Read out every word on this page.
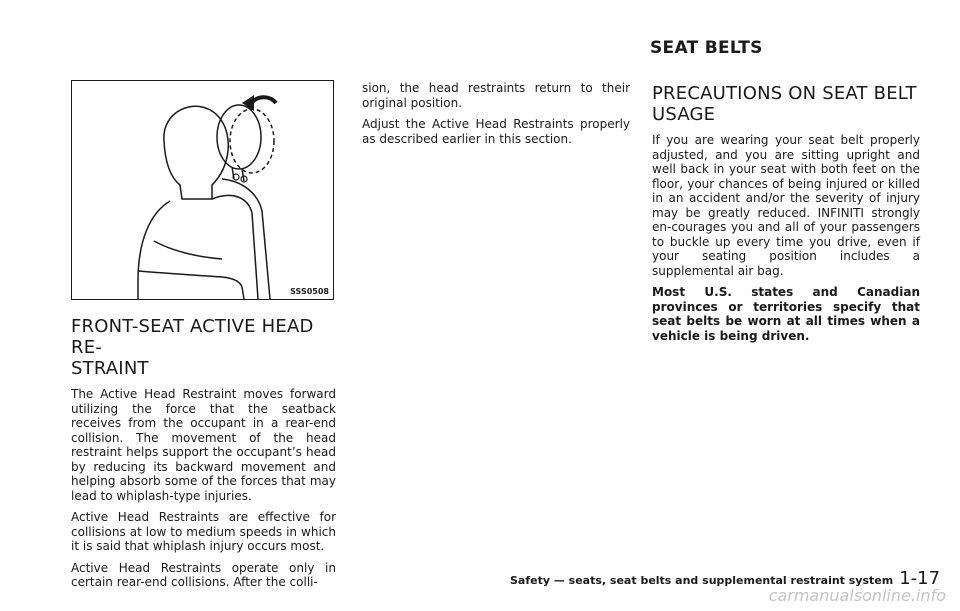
SEAT BELTS
SSS0508
FRONT-SEAT ACTIVE HEAD RE-
STRAINT

The Active Head Restraint moves forward utilizing the force that the seatback receives from the occupant in a rear-end collision. The movement of the head restraint helps support the occupant’s head by reducing its backward movement and helping absorb some of the forces that may lead to whiplash-type injuries.

Active Head Restraints are effective for collisions at low to medium speeds in which it is said that whiplash injury occurs most.

Active Head Restraints operate only in certain rear-end collisions. After the colli-

sion, the head restraints return to their original position.

Adjust the Active Head Restraints properly as described earlier in this section.

PRECAUTIONS ON SEAT BELT
USAGE

If you are wearing your seat belt properly adjusted, and you are sitting upright and well back in your seat with both feet on the floor, your chances of being injured or killed in an accident and/or the severity of injury may be greatly reduced. INFINITI strongly en-courages you and all of your passengers to buckle up every time you drive, even if your seating position includes a supplemental air bag.

Most U.S. states and Canadian provinces or territories specify that seat belts be worn at all times when a vehicle is being driven.

Safety — seats, seat belts and supplemental restraint system 1-17
carmanualsonline.info
